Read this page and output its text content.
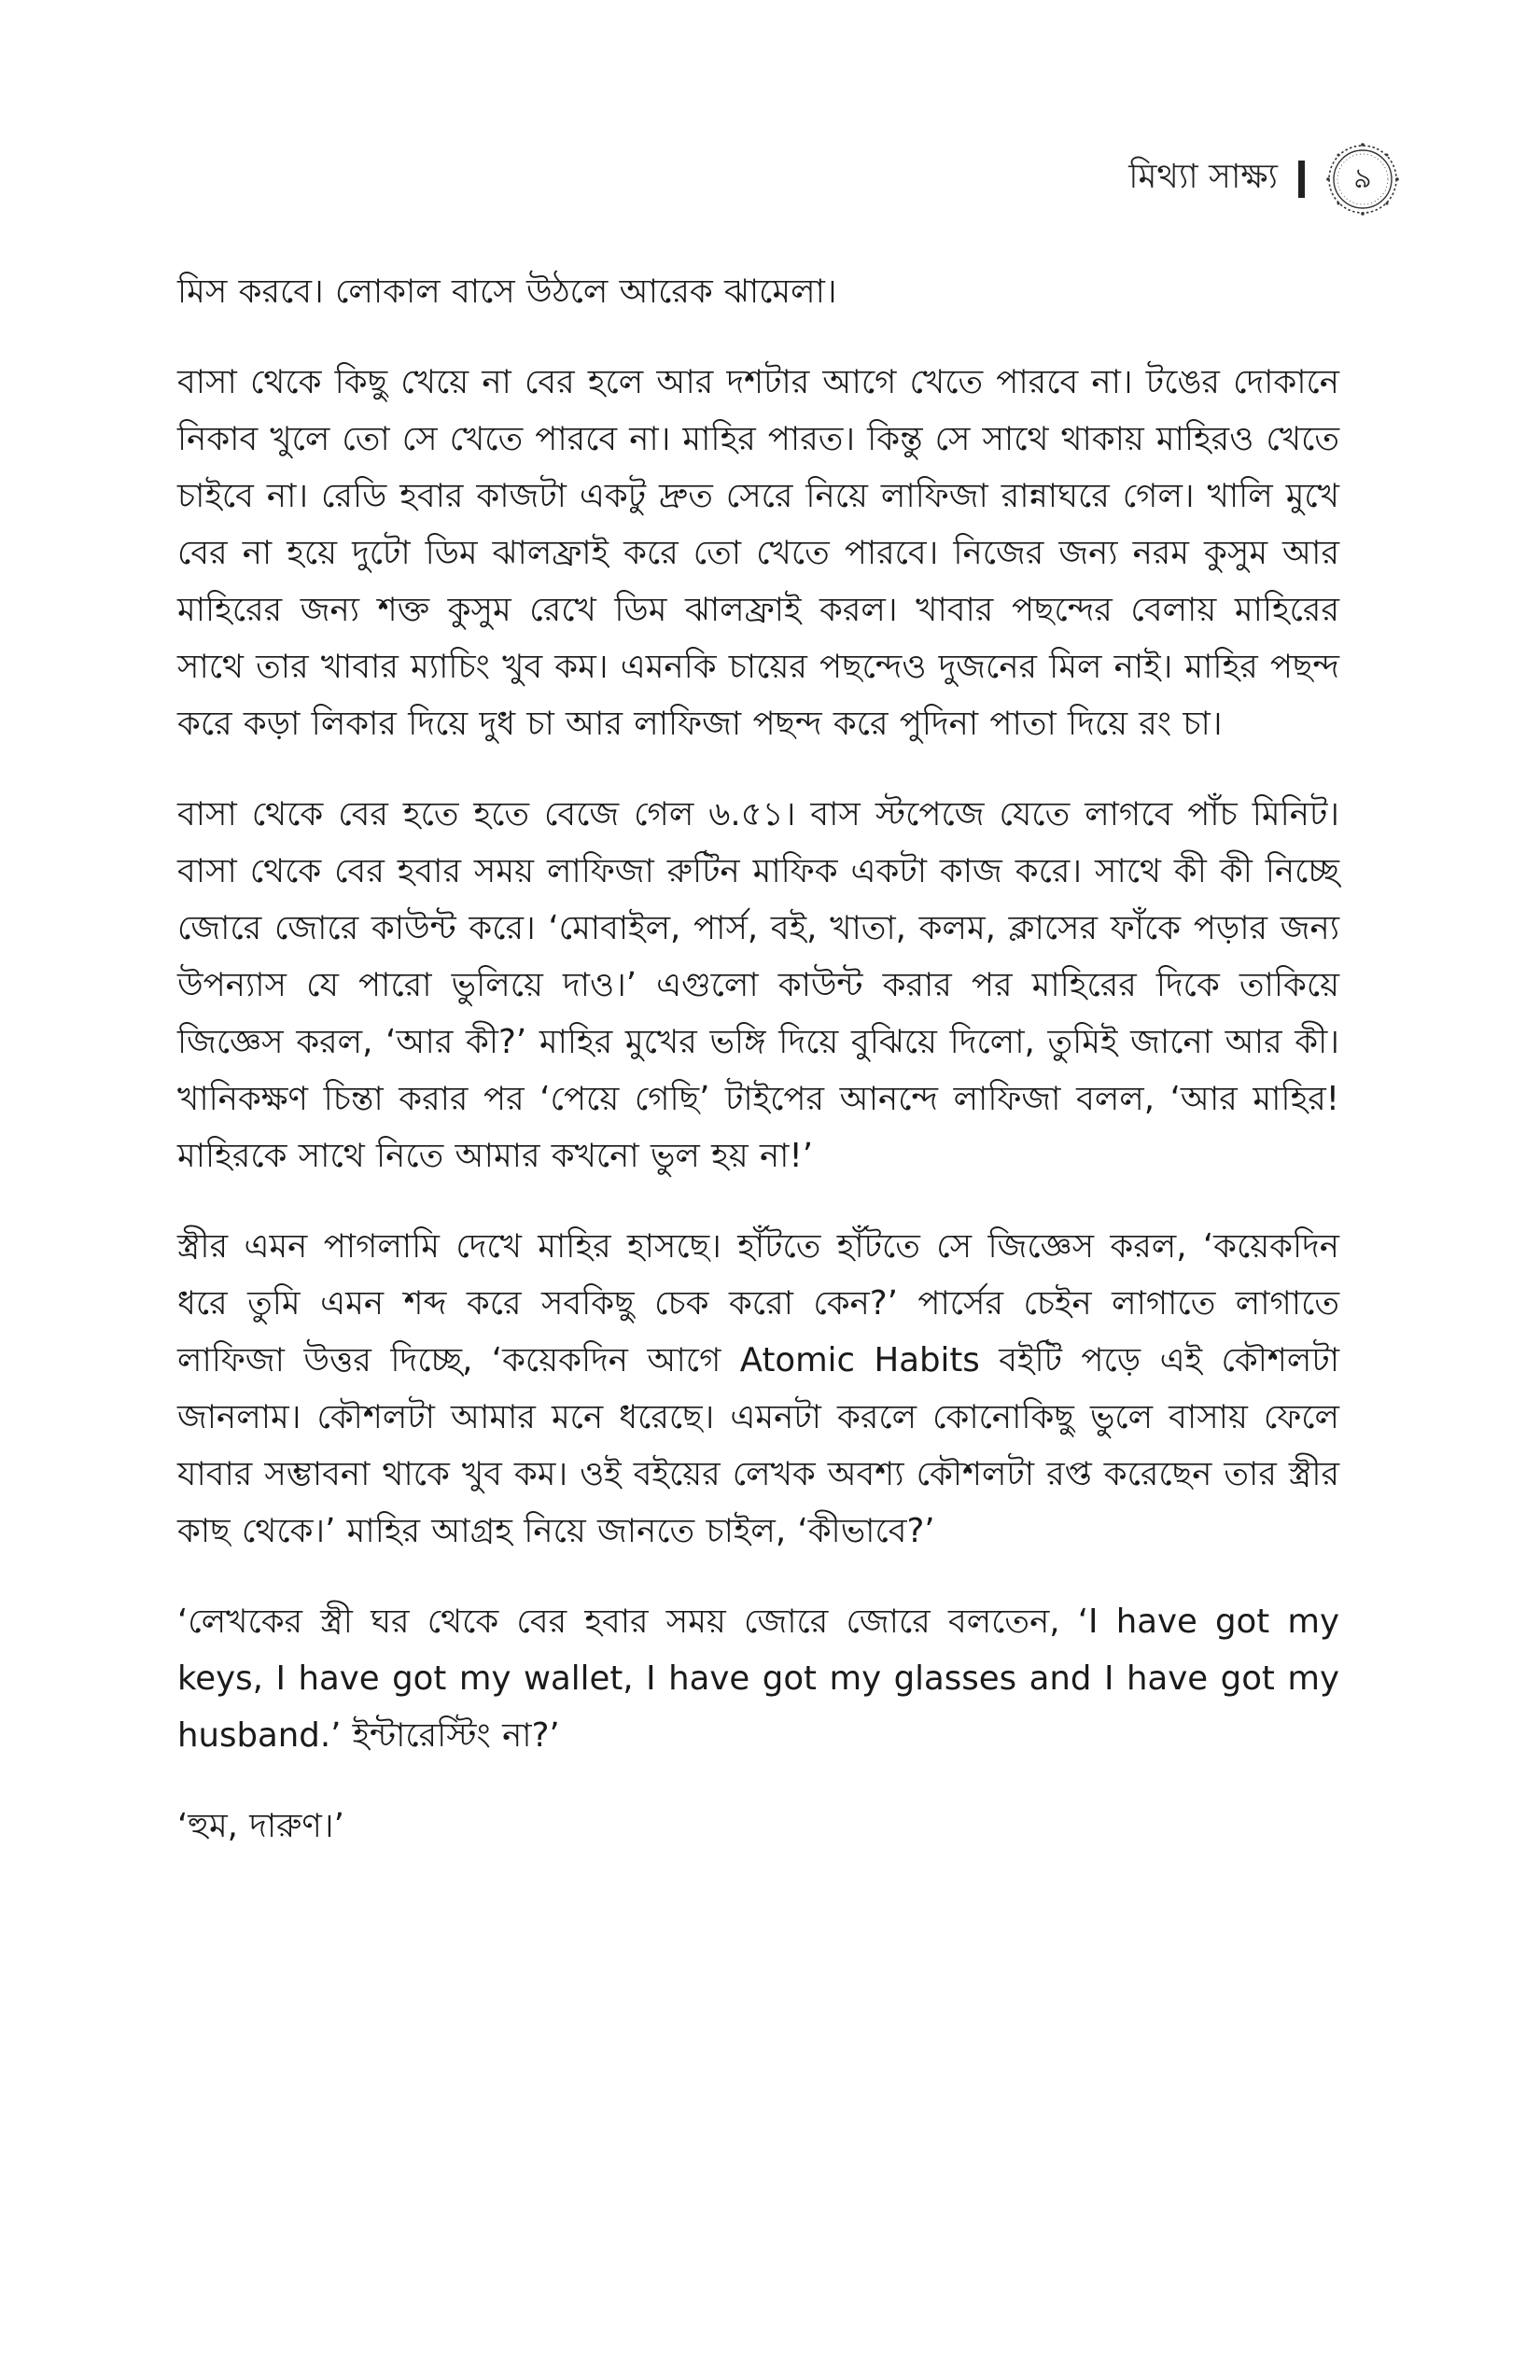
মিথ্যা সাক্ষ্য	৯

মিস করবে। লোকাল বাসে উঠলে আরেক ঝামেলা।

বাসা থেকে কিছু খেয়ে না বের হলে আর দশটার আগে খেতে পারবে না। টঙের দোকানে নিকাব খুলে তো সে খেতে পারবে না। মাহির পারত। কিন্তু সে সাথে থাকায় মাহিরও খেতে চাইবে না। রেডি হবার কাজটা একটু দ্রুত সেরে নিয়ে লাফিজা রান্নাঘরে গেল। খালি মুখে বের না হয়ে দুটো ডিম ঝালফ্রাই করে তো খেতে পারবে। নিজের জন্য নরম কুসুম আর মাহিরের জন্য শক্ত কুসুম রেখে ডিম ঝালফ্রাই করল। খাবার পছন্দের বেলায় মাহিরের সাথে তার খাবার ম্যাচিং খুব কম। এমনকি চায়ের পছন্দেও দুজনের মিল নাই। মাহির পছন্দ করে কড়া লিকার দিয়ে দুধ চা আর লাফিজা পছন্দ করে পুদিনা পাতা দিয়ে রং চা।

বাসা থেকে বের হতে হতে বেজে গেল ৬.৫১। বাস স্টপেজে যেতে লাগবে পাঁচ মিনিট। বাসা থেকে বের হবার সময় লাফিজা রুটিন মাফিক একটা কাজ করে। সাথে কী কী নিচ্ছে জোরে জোরে কাউন্ট করে। ‘মোবাইল, পার্স, বই, খাতা, কলম, ক্লাসের ফাঁকে পড়ার জন্য উপন্যাস যে পারো ভুলিয়ে দাও।’ এগুলো কাউন্ট করার পর মাহিরের দিকে তাকিয়ে জিজ্ঞেস করল, ‘আর কী?’ মাহির মুখের ভঙ্গি দিয়ে বুঝিয়ে দিলো, তুমিই জানো আর কী। খানিকক্ষণ চিন্তা করার পর ‘পেয়ে গেছি’ টাইপের আনন্দে লাফিজা বলল, ‘আর মাহির! মাহিরকে সাথে নিতে আমার কখনো ভুল হয় না!’

স্ত্রীর এমন পাগলামি দেখে মাহির হাসছে। হাঁটতে হাঁটতে সে জিজ্ঞেস করল, ‘কয়েকদিন ধরে তুমি এমন শব্দ করে সবকিছু চেক করো কেন?’ পার্সের চেইন লাগাতে লাগাতে লাফিজা উত্তর দিচ্ছে, ‘কয়েকদিন আগে Atomic Habits বইটি পড়ে এই কৌশলটা জানলাম। কৌশলটা আমার মনে ধরেছে। এমনটা করলে কোনোকিছু ভুলে বাসায় ফেলে যাবার সম্ভাবনা থাকে খুব কম। ওই বইয়ের লেখক অবশ্য কৌশলটা রপ্ত করেছেন তার স্ত্রীর কাছ থেকে।’ মাহির আগ্রহ নিয়ে জানতে চাইল, ‘কীভাবে?’

‘লেখকের স্ত্রী ঘর থেকে বের হবার সময় জোরে জোরে বলতেন, ‘I have got my keys, I have got my wallet, I have got my glasses and I have got my husband.’ ইন্টারেস্টিং না?’

‘হুম, দারুণ।’
